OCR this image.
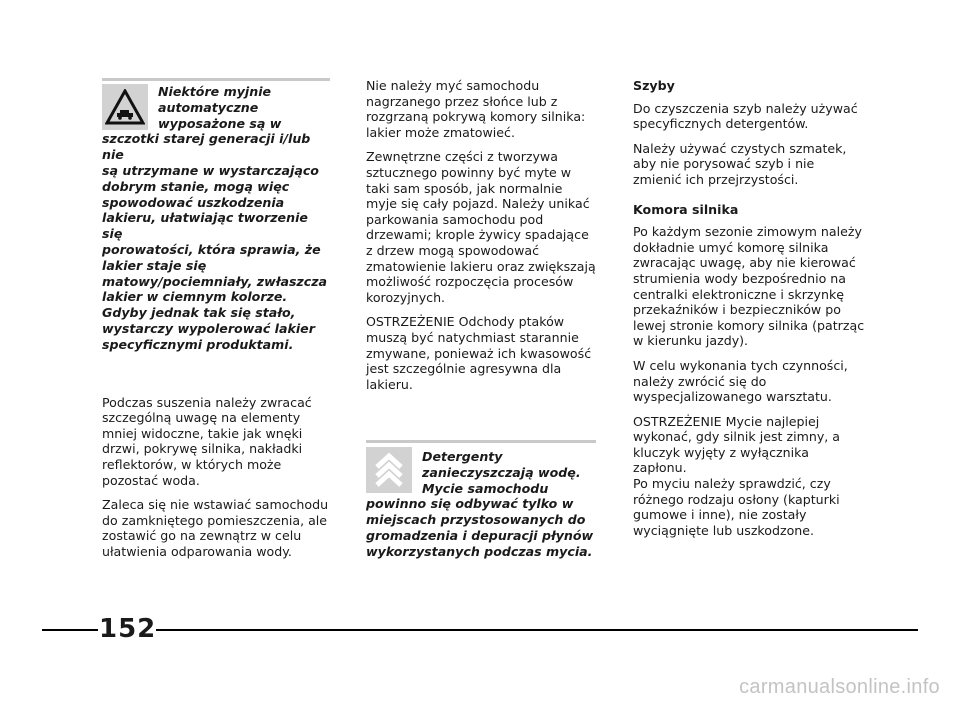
Niektóre myjnie
automatyczne
wyposażone są w
szczotki starej generacji i/lub nie
są utrzymane w wystarczająco
dobrym stanie, mogą więc
spowodować uszkodzenia
lakieru, ułatwiając tworzenie się
porowatości, która sprawia, że
lakier staje się
matowy/pociemniały, zwłaszcza
lakier w ciemnym kolorze.
Gdyby jednak tak się stało,
wystarczy wypolerować lakier
specyficznymi produktami.

Podczas suszenia należy zwracać szczególną uwagę na elementy mniej widoczne, takie jak wnęki drzwi, pokrywę silnika, nakładki reflektorów, w których może pozostać woda.

Zaleca się nie wstawiać samochodu do zamkniętego pomieszczenia, ale zostawić go na zewnątrz w celu ułatwienia odparowania wody.

Nie należy myć samochodu nagrzanego przez słońce lub z rozgrzaną pokrywą komory silnika: lakier może zmatowieć.

Zewnętrzne części z tworzywa sztucznego powinny być myte w taki sam sposób, jak normalnie myje się cały pojazd. Należy unikać parkowania samochodu pod drzewami; krople żywicy spadające z drzew mogą spowodować zmatowienie lakieru oraz zwiększają możliwość rozpoczęcia procesów korozyjnych.

OSTRZEŻENIE Odchody ptaków muszą być natychmiast starannie zmywane, ponieważ ich kwasowość jest szczególnie agresywna dla lakieru.

Detergenty
zanieczyszczają wodę.
Mycie samochodu
powinno się odbywać tylko w
miejscach przystosowanych do
gromadzenia i depuracji płynów
wykorzystanych podczas mycia.
Szyby

Do czyszczenia szyb należy używać specyficznych detergentów.

Należy używać czystych szmatek, aby nie porysować szyb i nie zmienić ich przejrzystości.

Komora silnika

Po każdym sezonie zimowym należy dokładnie umyć komorę silnika zwracając uwagę, aby nie kierować strumienia wody bezpośrednio na centralki elektroniczne i skrzynkę przekaźników i bezpieczników po lewej stronie komory silnika (patrząc w kierunku jazdy).

W celu wykonania tych czynności, należy zwrócić się do wyspecjalizowanego warsztatu.

OSTRZEŻENIE Mycie najlepiej wykonać, gdy silnik jest zimny, a kluczyk wyjęty z wyłącznika zapłonu.

Po myciu należy sprawdzić, czy różnego rodzaju osłony (kapturki gumowe i inne), nie zostały wyciągnięte lub uszkodzone.

152
carmanualsonline.info
